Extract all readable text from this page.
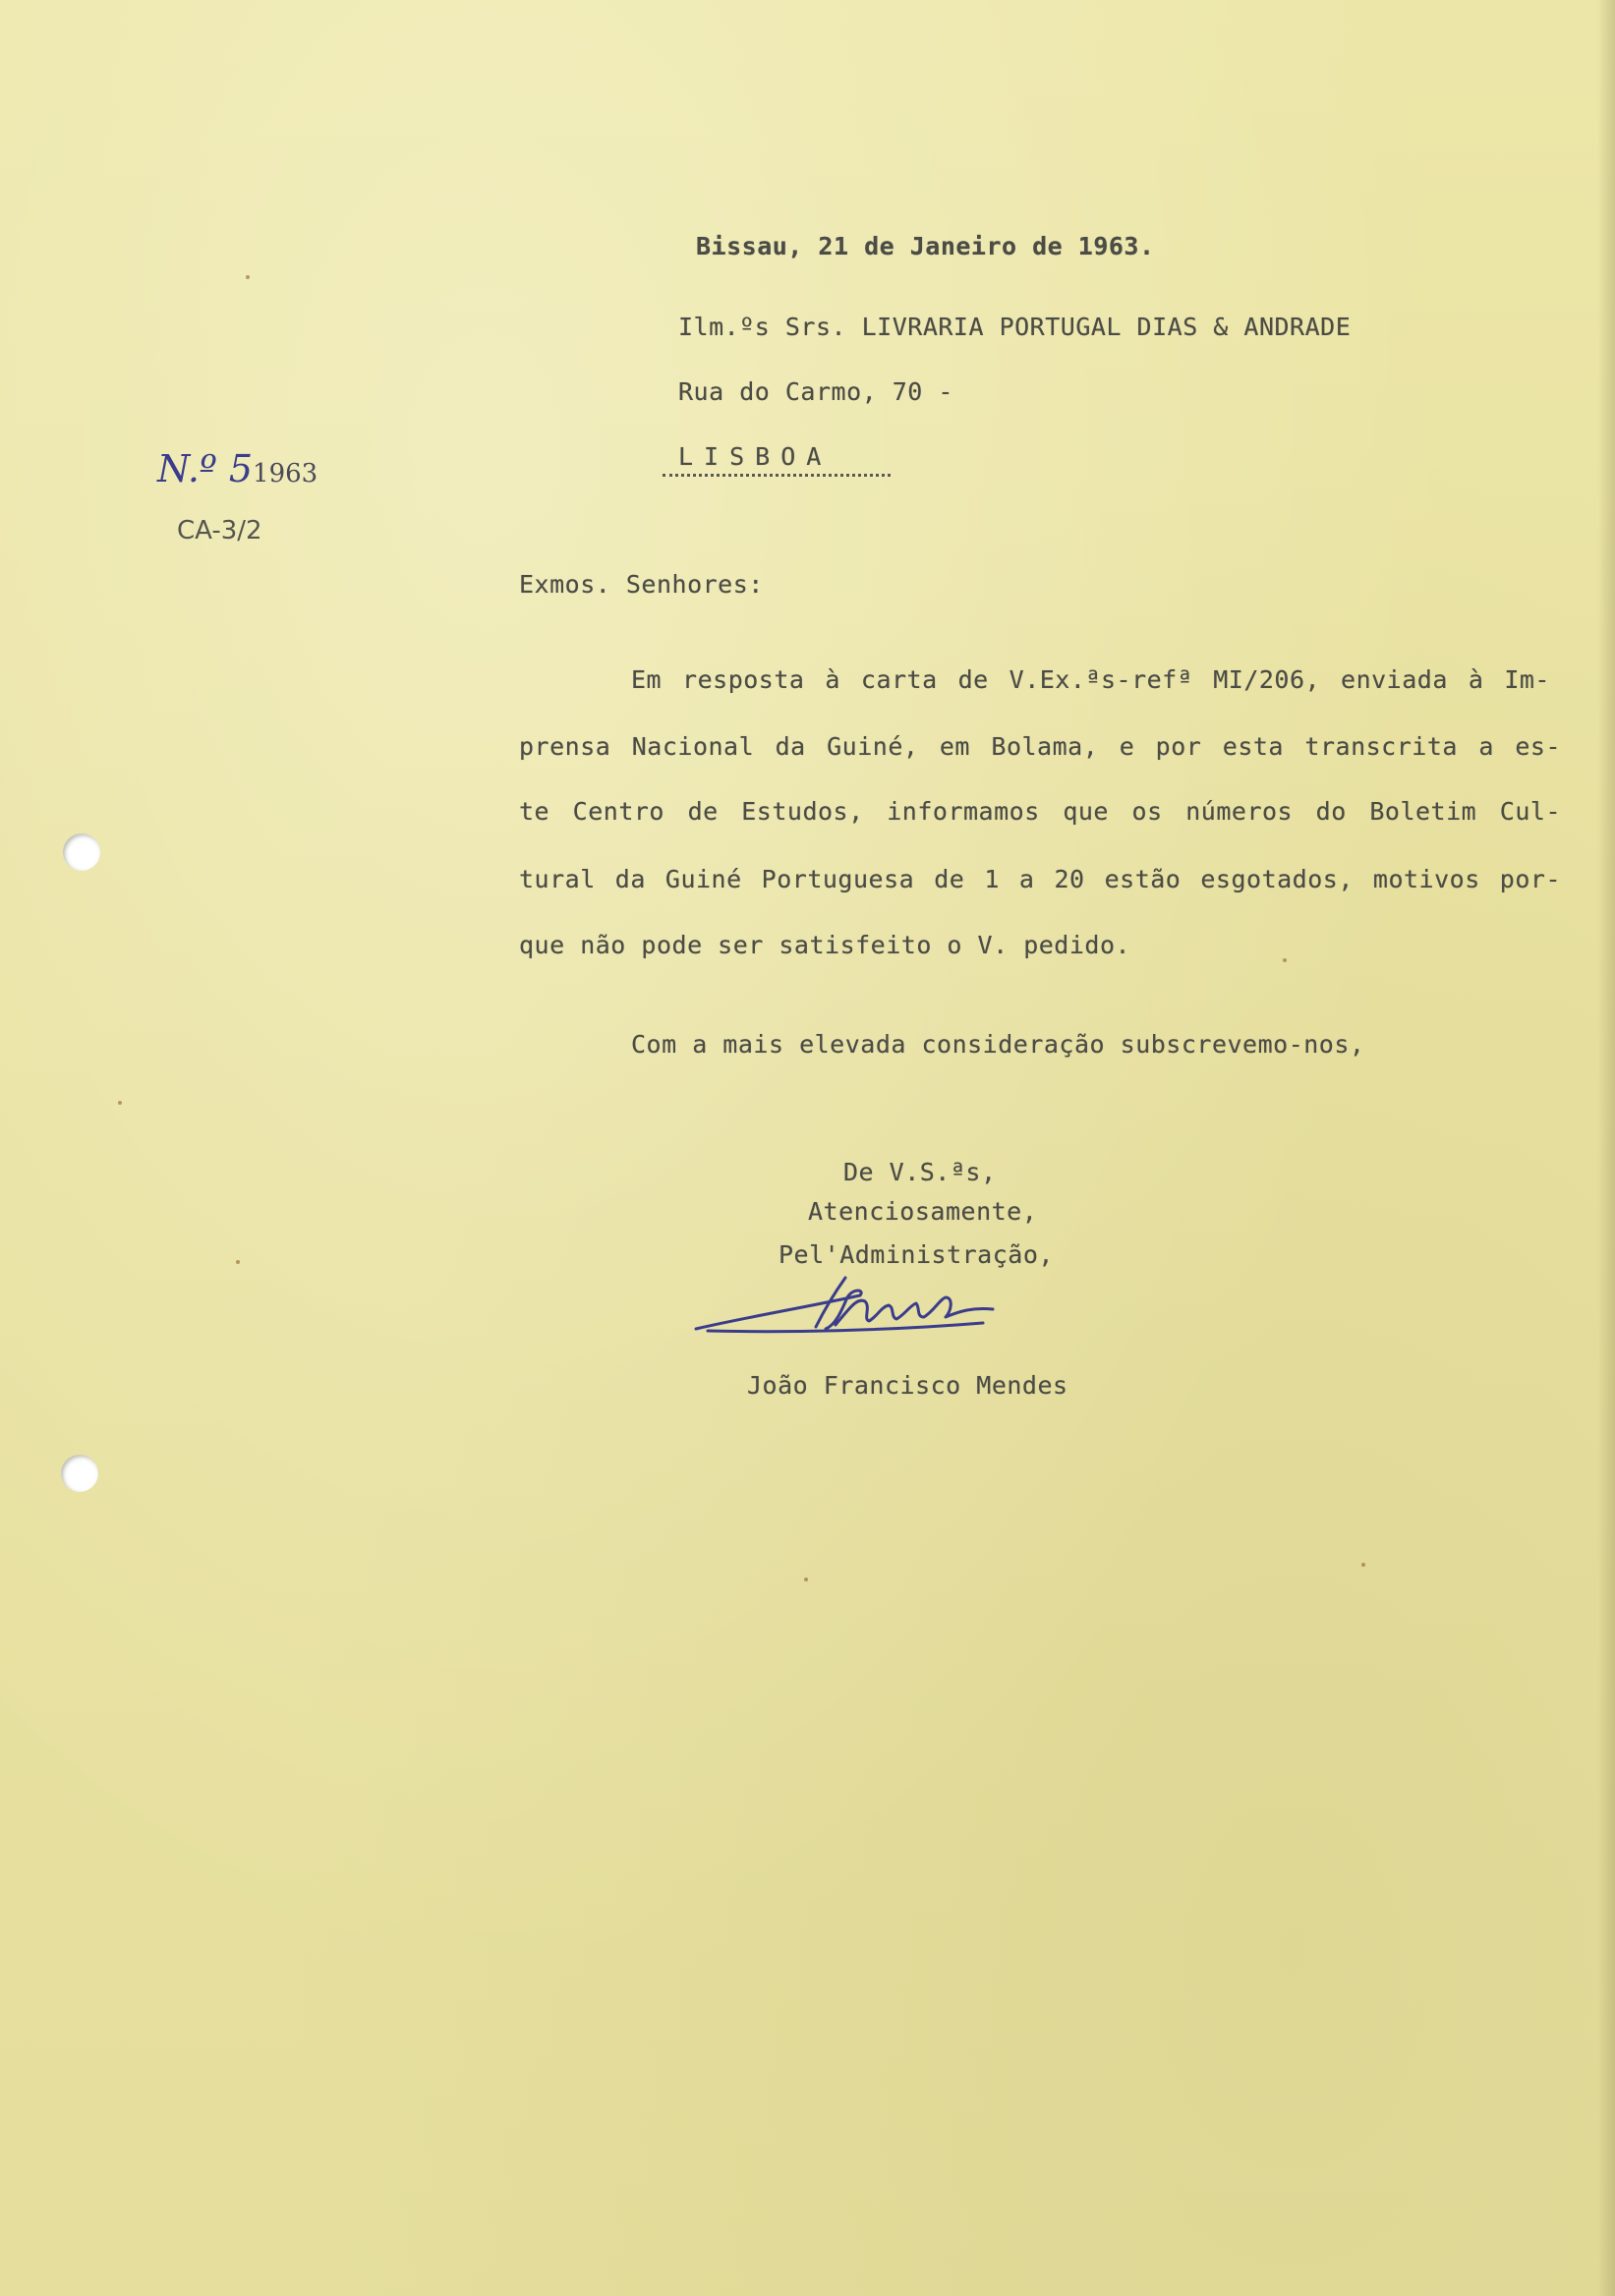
N.º 51963
CA-3/2

Bissau, 21 de Janeiro de 1963.

Ilm.ºs Srs. LIVRARIA PORTUGAL DIAS & ANDRADE

Rua do Carmo, 70 -

LISBOA

Exmos. Senhores:

Em resposta à carta de V.Ex.ªs-refª MI/206, enviada à Im-
prensa Nacional da Guiné, em Bolama, e por esta transcrita a es-
te Centro de Estudos, informamos que os números do Boletim Cul-
tural da Guiné Portuguesa de 1 a 20 estão esgotados, motivos por-

que não pode ser satisfeito o V. pedido.

Com a mais elevada consideração subscrevemo-nos,

De V.S.ªs,

Atenciosamente,

Pel'Administração,

João Francisco Mendes
